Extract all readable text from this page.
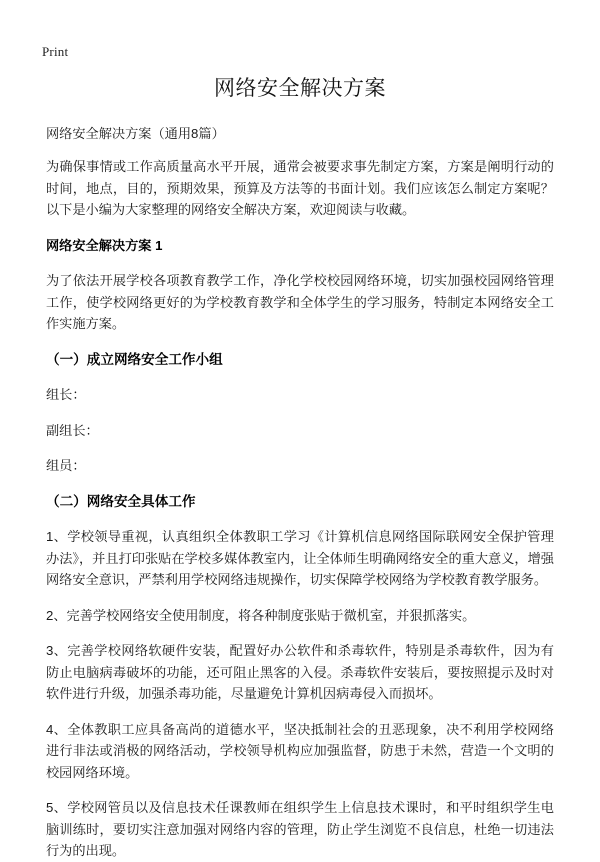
Print
网络安全解决方案
网络安全解决方案（通用8篇）

为确保事情或工作高质量高水平开展，通常会被要求事先制定方案，方案是阐明行动的时间，地点，目的，预期效果，预算及方法等的书面计划。我们应该怎么制定方案呢？以下是小编为大家整理的网络安全解决方案，欢迎阅读与收藏。

网络安全解决方案 1

为了依法开展学校各项教育教学工作，净化学校校园网络环境，切实加强校园网络管理工作，使学校网络更好的为学校教育教学和全体学生的学习服务，特制定本网络安全工作实施方案。

（一）成立网络安全工作小组

组长：

副组长：

组员：

（二）网络安全具体工作

1、学校领导重视，认真组织全体教职工学习《计算机信息网络国际联网安全保护管理办法》，并且打印张贴在学校多媒体教室内，让全体师生明确网络安全的重大意义，增强网络安全意识，严禁利用学校网络违规操作，切实保障学校网络为学校教育教学服务。

2、完善学校网络安全使用制度，将各种制度张贴于微机室，并狠抓落实。

3、完善学校网络软硬件安装，配置好办公软件和杀毒软件，特别是杀毒软件，因为有防止电脑病毒破坏的功能，还可阻止黑客的入侵。杀毒软件安装后，要按照提示及时对软件进行升级，加强杀毒功能，尽量避免计算机因病毒侵入而损坏。

4、全体教职工应具备高尚的道德水平，坚决抵制社会的丑恶现象，决不利用学校网络进行非法或消极的网络活动，学校领导机构应加强监督，防患于未然，营造一个文明的校园网络环境。

5、学校网管员以及信息技术任课教师在组织学生上信息技术课时，和平时组织学生电脑训练时，要切实注意加强对网络内容的管理，防止学生浏览不良信息，杜绝一切违法行为的出现。
